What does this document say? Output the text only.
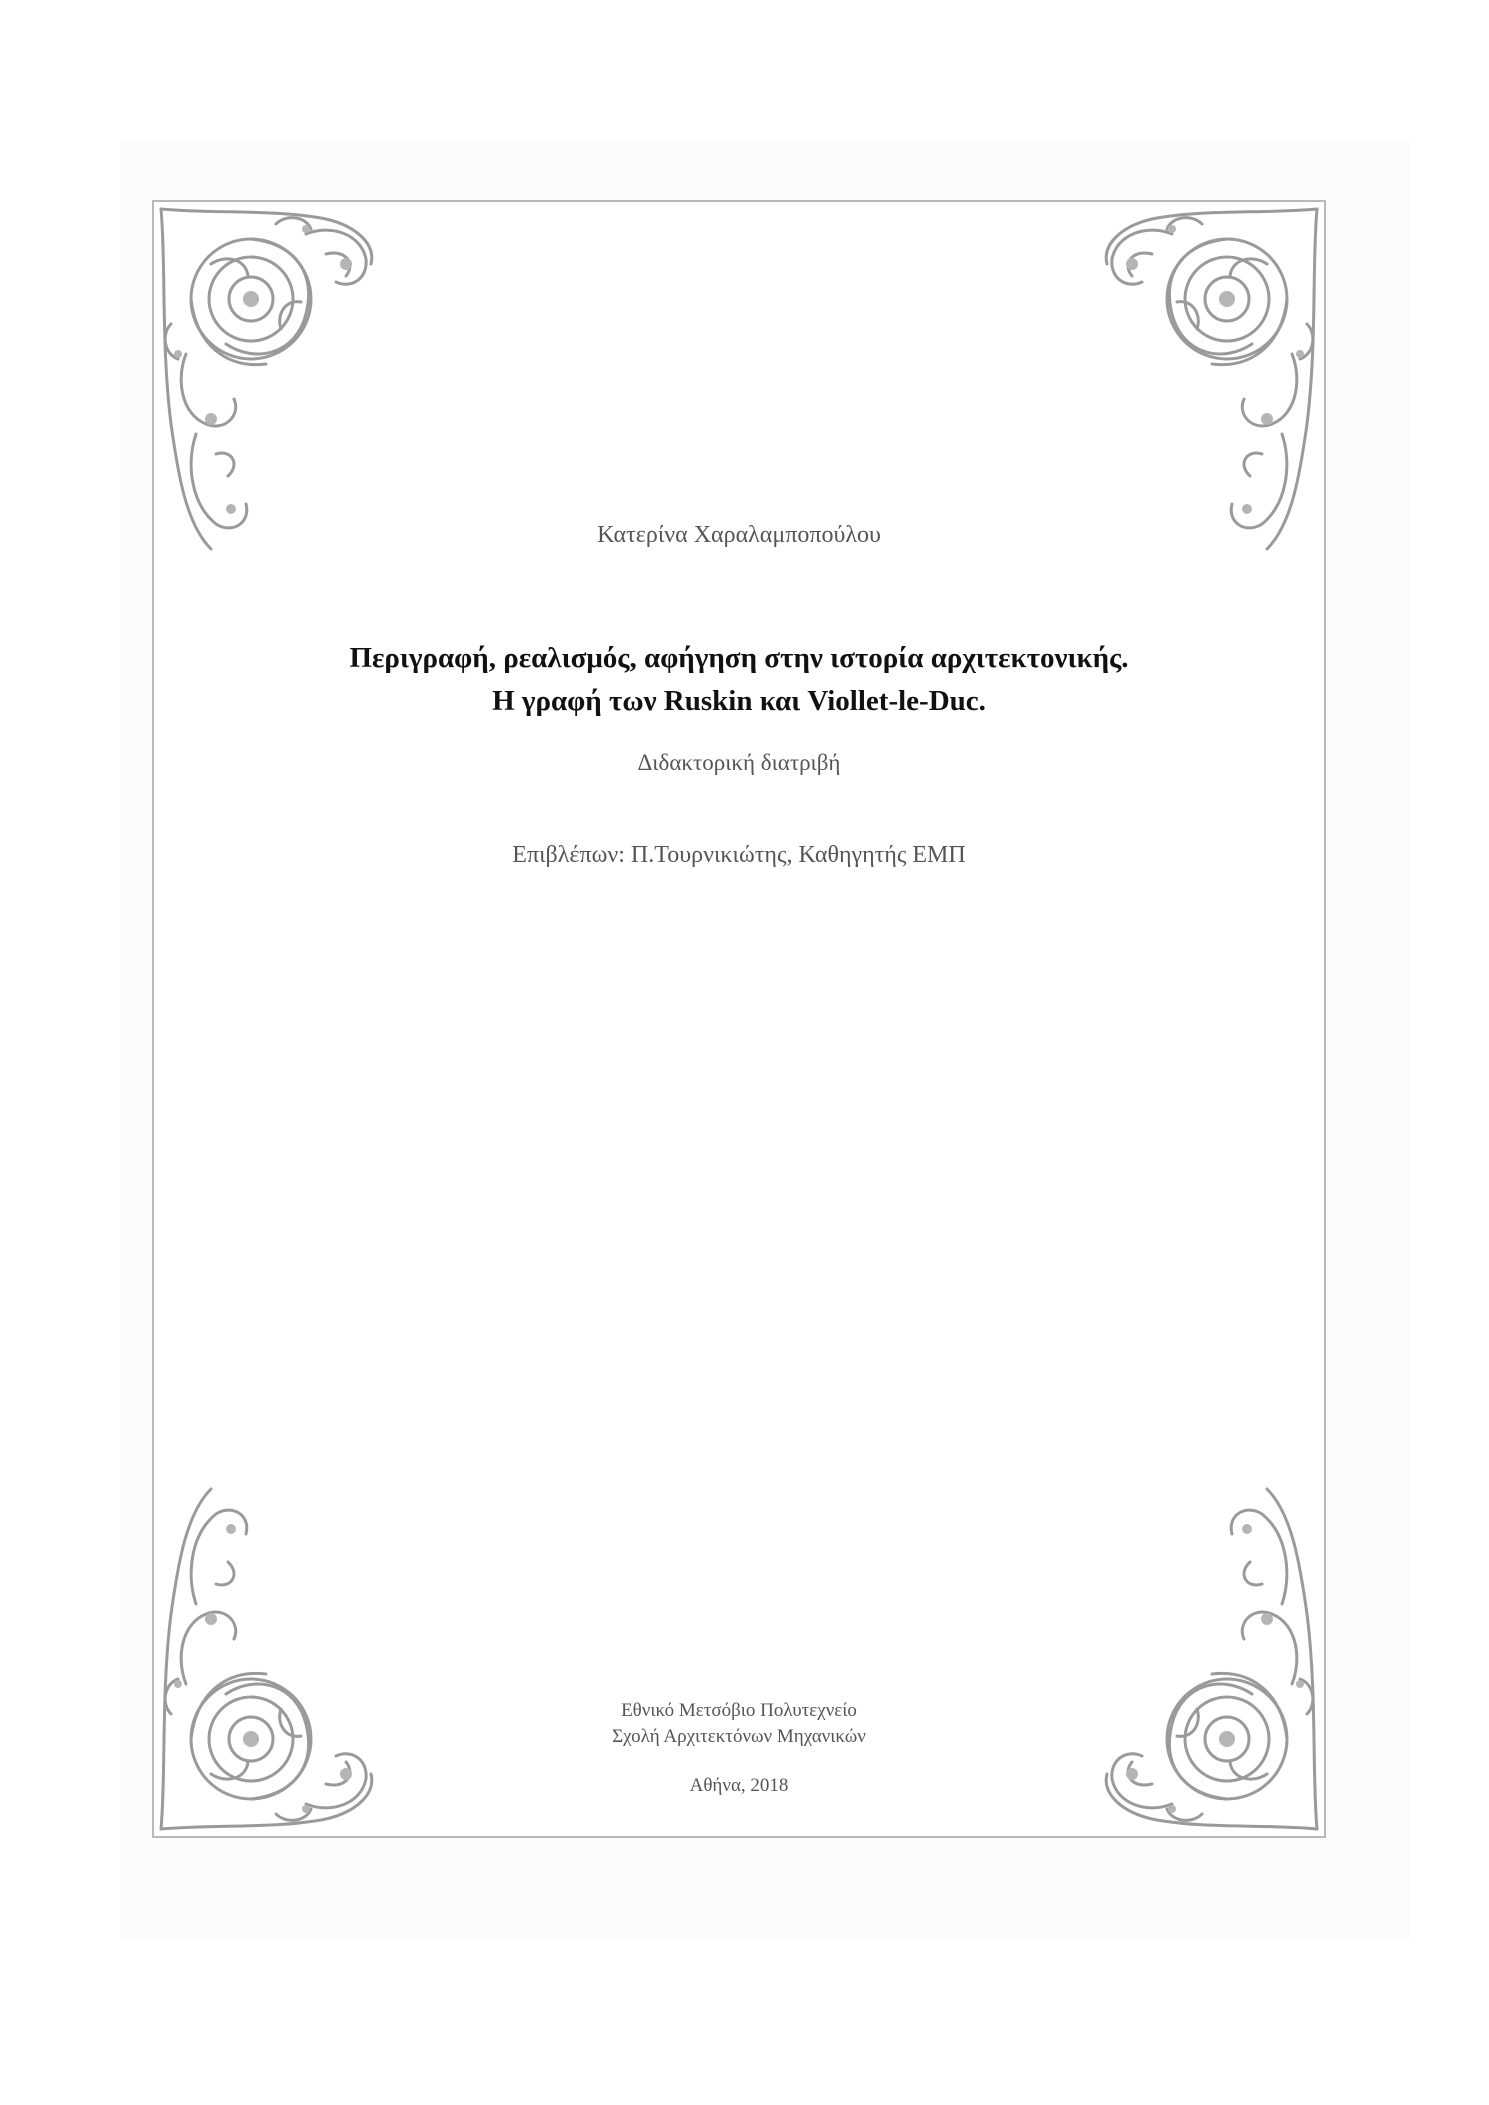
Κατερίνα Χαραλαμποπούλου
Περιγραφή, ρεαλισμός, αφήγηση στην ιστορία αρχιτεκτονικής.
Η γραφή των Ruskin και Viollet-le-Duc.
Διδακτορική διατριβή
Επιβλέπων: Π.Τουρνικιώτης, Καθηγητής ΕΜΠ
Εθνικό Μετσόβιο Πολυτεχνείο
Σχολή Αρχιτεκτόνων Μηχανικών
Αθήνα, 2018
